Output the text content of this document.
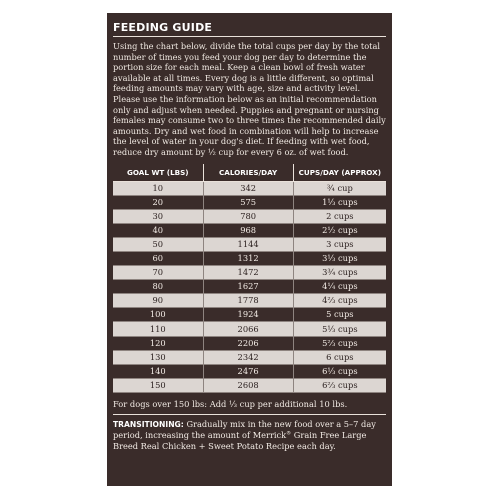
FEEDING GUIDE
Using the chart below, divide the total cups per day by the total number of times you feed your dog per day to determine the portion size for each meal. Keep a clean bowl of fresh water available at all times. Every dog is a little different, so optimal feeding amounts may vary with age, size and activity level. Please use the information below as an initial recommendation only and adjust when needed. Puppies and pregnant or nursing females may consume two to three times the recommended daily amounts. Dry and wet food in combination will help to increase the level of water in your dog's diet. If feeding with wet food, reduce dry amount by ½ cup for every 6 oz. of wet food.
GOAL WT (LBS)	CALORIES/DAY	CUPS/DAY (APPROX)
10	342	¾ cup
20	575	1⅓ cups
30	780	2 cups
40	968	2½ cups
50	1144	3 cups
60	1312	3⅓ cups
70	1472	3¾ cups
80	1627	4¼ cups
90	1778	4⅔ cups
100	1924	5 cups
110	2066	5⅓ cups
120	2206	5⅔ cups
130	2342	6 cups
140	2476	6⅓ cups
150	2608	6⅔ cups
For dogs over 150 lbs: Add ⅓ cup per additional 10 lbs.
TRANSITIONING: Gradually mix in the new food over a 5–7 day period, increasing the amount of Merrick® Grain Free Large Breed Real Chicken + Sweet Potato Recipe each day.
